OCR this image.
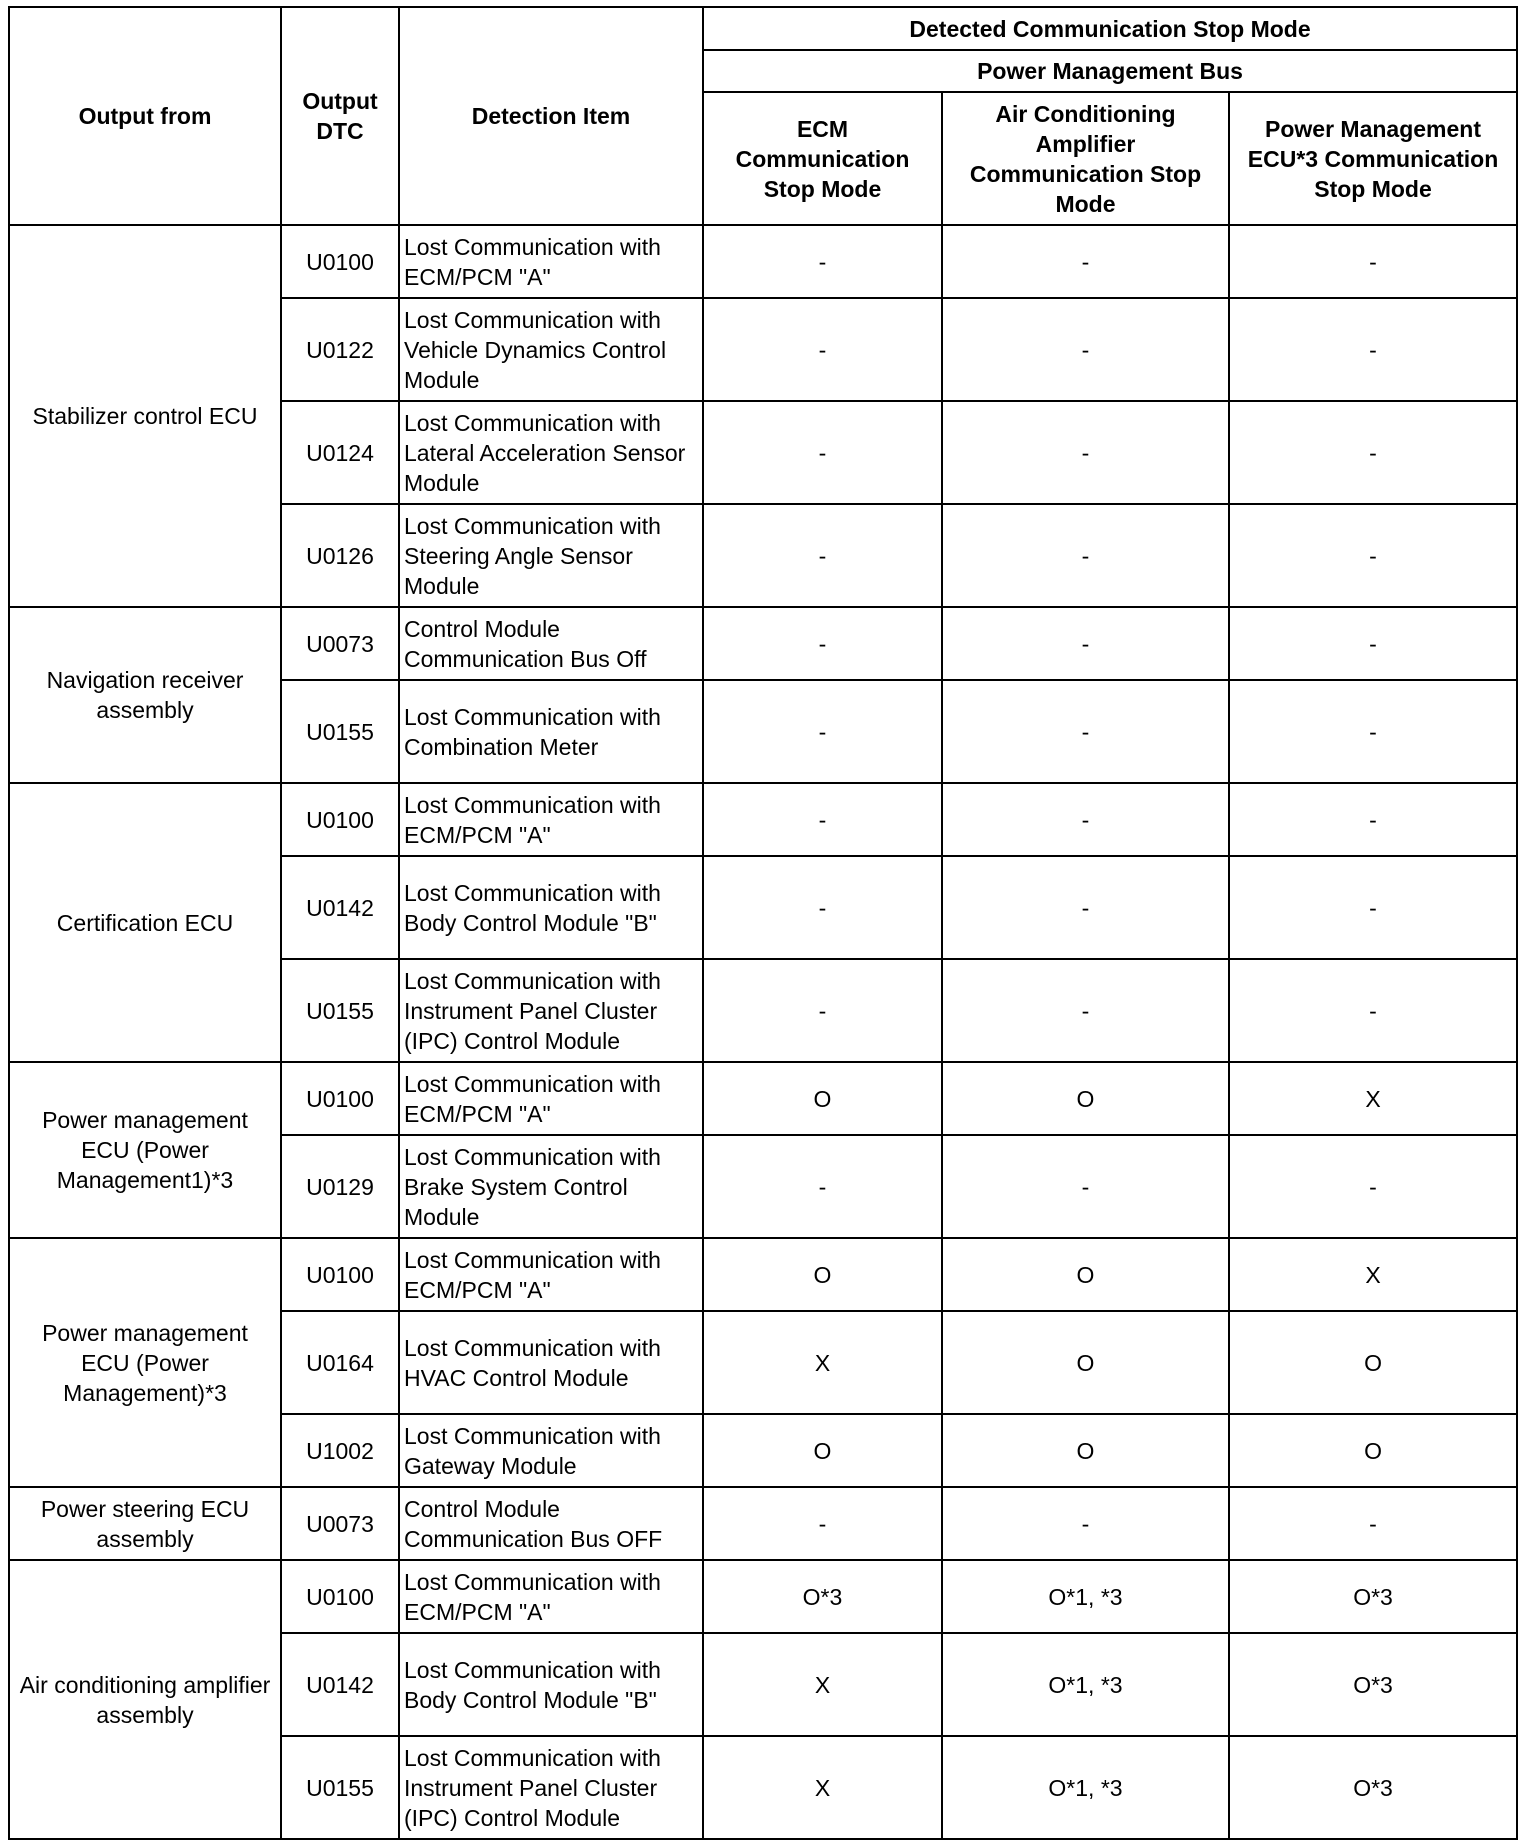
Output from	Output DTC	Detection Item	Detected Communication Stop Mode		
			Power Management Bus		
			ECM Communication Stop Mode	Air Conditioning Amplifier Communication Stop Mode	Power Management ECU*3 Communication Stop Mode
Stabilizer control ECU	U0100	Lost Communication with ECM/PCM "A"	-	-	-
	U0122	Lost Communication with Vehicle Dynamics Control Module	-	-	-
	U0124	Lost Communication with Lateral Acceleration Sensor Module	-	-	-
	U0126	Lost Communication with Steering Angle Sensor Module	-	-	-
Navigation receiver assembly	U0073	Control Module Communication Bus Off	-	-	-
	U0155	Lost Communication with Combination Meter	-	-	-
Certification ECU	U0100	Lost Communication with ECM/PCM "A"	-	-	-
	U0142	Lost Communication with Body Control Module "B"	-	-	-
	U0155	Lost Communication with Instrument Panel Cluster (IPC) Control Module	-	-	-
Power management ECU (Power Management1)*3	U0100	Lost Communication with ECM/PCM "A"	O	O	X
	U0129	Lost Communication with Brake System Control Module	-	-	-
Power management ECU (Power Management)*3	U0100	Lost Communication with ECM/PCM "A"	O	O	X
	U0164	Lost Communication with HVAC Control Module	X	O	O
	U1002	Lost Communication with Gateway Module	O	O	O
Power steering ECU assembly	U0073	Control Module Communication Bus OFF	-	-	-
Air conditioning amplifier assembly	U0100	Lost Communication with ECM/PCM "A"	O*3	O*1, *3	O*3
	U0142	Lost Communication with Body Control Module "B"	X	O*1, *3	O*3
	U0155	Lost Communication with Instrument Panel Cluster (IPC) Control Module	X	O*1, *3	O*3
